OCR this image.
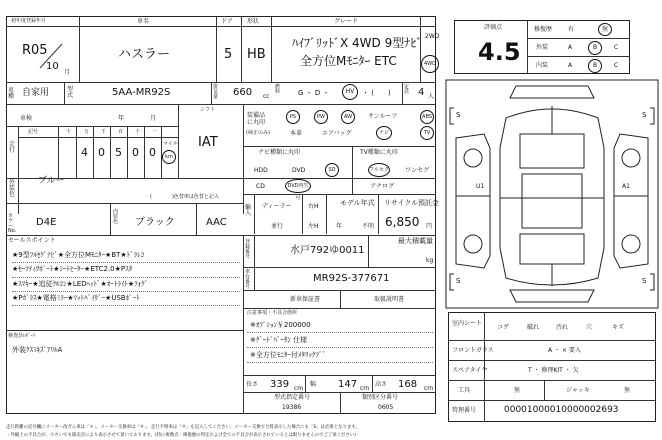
初年度登録年月	車名	ドア 形状	グレード
R05
10
月
ハスラー	5 HB
ﾊｲﾌﾞﾘｯﾄﾞX 4WD 9型ﾅﾋﾞ
全方位Mﾓﾆﾀｰ ETC
2WD
4WD
車種 自家用	型式	5AA-MR92S	排気量 660 cc
燃料	G ・ D ・	HV	・ (　　)
定員 4 人
車検	年	月
シフト
走行
記号	十	万 千 百 十 一
4 0 5 0 0
マイル
km
IAT
装備品に丸印
(純正のみ)
PS	PW	AW	サンルーフ	ABS
本革	エアバッグ	ナビ	TV
ナビ種類に丸印	TV種類に丸印
HDD	DVD	SD
CD	DVD再生可
フルセグ	ワンセグ
アナログ
外装色
ブルー
(　　　　)色替車は色替と記入
カラーNo.
D4E
内装色 ブラック	AAC
輸入
ディーラー
並行
右H
左H
モデル年式
年	不明
リサイクル預託金
6,850 円
セールスポイント
★9型ﾌﾙｾｸﾞﾅﾋﾞ★全方位Mﾓﾆﾀｰ★BT★ﾄﾞﾗﾚｺ
★ｾｰﾌﾃｨｻﾎﾟｰﾄ★ｼｰﾄﾋｰﾀｰ★ETC2.0★Pｽﾀ
★ｽﾏｷｰ★追従ｸﾙｺﾝ★LEDﾍｯﾄﾞ★ｵｰﾄﾗｲﾄ★ﾌｫｸﾞ
★Pｶﾞﾗｽ★電格ﾐﾗｰ★ﾏｯﾄﾊﾞｲｻﾞｰ★USBﾎﾟｰﾄ
登録番号
水戸792ゆ0011
最大積載量
kg
車台番号
MR92S-377671
新車保証書	取扱説明書
注意事項・不具合箇所
※ｵﾌﾟｼｮﾝ￥200000
※ｸﾞｰﾄﾞﾊﾞｰﾀﾝ 仕様
※全方位ﾓﾆﾀｰ付ﾒﾀﾘｯｸﾌﾞﾞ
検査員ﾚﾎﾟｰﾄ
外装ｸｽﾐｷｽﾞｱﾘﾙA
長さ 339 cm
幅 147 cm
高さ 168 cm
型式指定番号
19386
類別区分番号
0605
評価点
4.5
修復歴	有	無
外装	A	B	C
内装	A	B	C
S	S
S	S
U1	A1
室内シート
コゲ	破れ	汚れ	穴	キズ
フロントガラス	A ・ × 要入
スペアタイヤ	T ・ 修理KIT ・ 欠
工具	無	ジャッキ	無
管理番号	00001000010000002693
走行距離の記号欄にメーター改ざん車は「＊」、メーター交換車は「＃」、走行不明車は「＃」を記入してください。メーター交換で合算表示した場合にも「S」は必要となります。
・外観上の不具合が、小さいでも販売店により表示させて頂いております。(特に複数点・修復歴の判定および全ての不具合が表示されているとは限りませんのでご了承ください)
